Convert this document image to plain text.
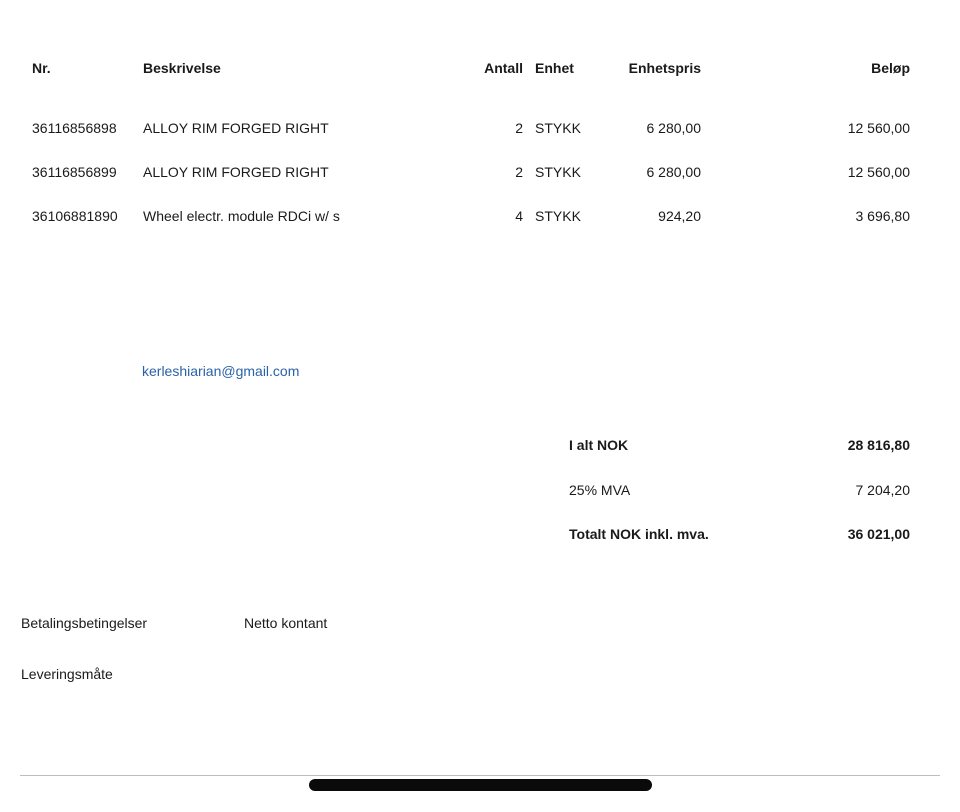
Nr.	Beskrivelse	Antall Enhet	Enhetspris	Beløp
36116856898 ALLOY RIM FORGED RIGHT	2 STYKK	6 280,00	12 560,00
36116856899 ALLOY RIM FORGED RIGHT	2 STYKK	6 280,00	12 560,00
36106881890 Wheel electr. module RDCi w/ s	4 STYKK	924,20	3 696,80
kerleshiarian@gmail.com
I alt NOK	28 816,80
25% MVA	7 204,20
Totalt NOK inkl. mva.	36 021,00
Betalingsbetingelser	Netto kontant
Leveringsmåte
